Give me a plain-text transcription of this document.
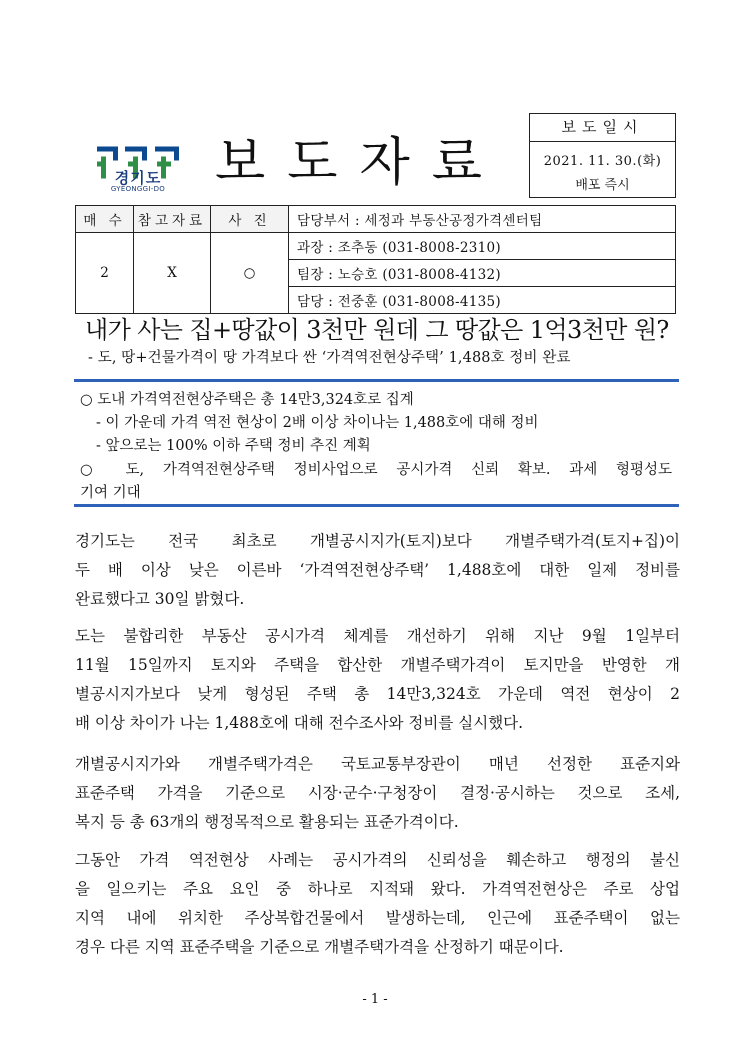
경기도
GYEONGGI-DO 보도자료
보도일시
2021. 11. 30.(화)
배포 즉시
매 수	참고자료	사 진	담당부서 : 세정과 부동산공정가격센터팀
2	X	○	과장 : 조추동 (031-8008-2310)
			팀장 : 노승호 (031-8008-4132)
			담당 : 전중훈 (031-8008-4135)
내가 사는 집+땅값이 3천만 원데 그 땅값은 1억3천만 원?
- 도, 땅+건물가격이 땅 가격보다 싼 ‘가격역전현상주택’ 1,488호 정비 완료
○ 도내 가격역전현상주택은 총 14만3,324호로 집계
- 이 가운데 가격 역전 현상이 2배 이상 차이나는 1,488호에 대해 정비
- 앞으로는 100% 이하 주택 정비 추진 계획
○ 도, 가격역전현상주택 정비사업으로 공시가격 신뢰 확보. 과세 형평성도
기여 기대
경기도는 전국 최초로 개별공시지가(토지)보다 개별주택가격(토지+집)이
두 배 이상 낮은 이른바 ‘가격역전현상주택’ 1,488호에 대한 일제 정비를
완료했다고 30일 밝혔다.
도는 불합리한 부동산 공시가격 체계를 개선하기 위해 지난 9월 1일부터
11월 15일까지 토지와 주택을 합산한 개별주택가격이 토지만을 반영한 개
별공시지가보다 낮게 형성된 주택 총 14만3,324호 가운데 역전 현상이 2
배 이상 차이가 나는 1,488호에 대해 전수조사와 정비를 실시했다.
개별공시지가와 개별주택가격은 국토교통부장관이 매년 선정한 표준지와
표준주택 가격을 기준으로 시장·군수·구청장이 결정·공시하는 것으로 조세,
복지 등 총 63개의 행정목적으로 활용되는 표준가격이다.
그동안 가격 역전현상 사례는 공시가격의 신뢰성을 훼손하고 행정의 불신
을 일으키는 주요 요인 중 하나로 지적돼 왔다. 가격역전현상은 주로 상업
지역 내에 위치한 주상복합건물에서 발생하는데, 인근에 표준주택이 없는
경우 다른 지역 표준주택을 기준으로 개별주택가격을 산정하기 때문이다.
- 1 -
